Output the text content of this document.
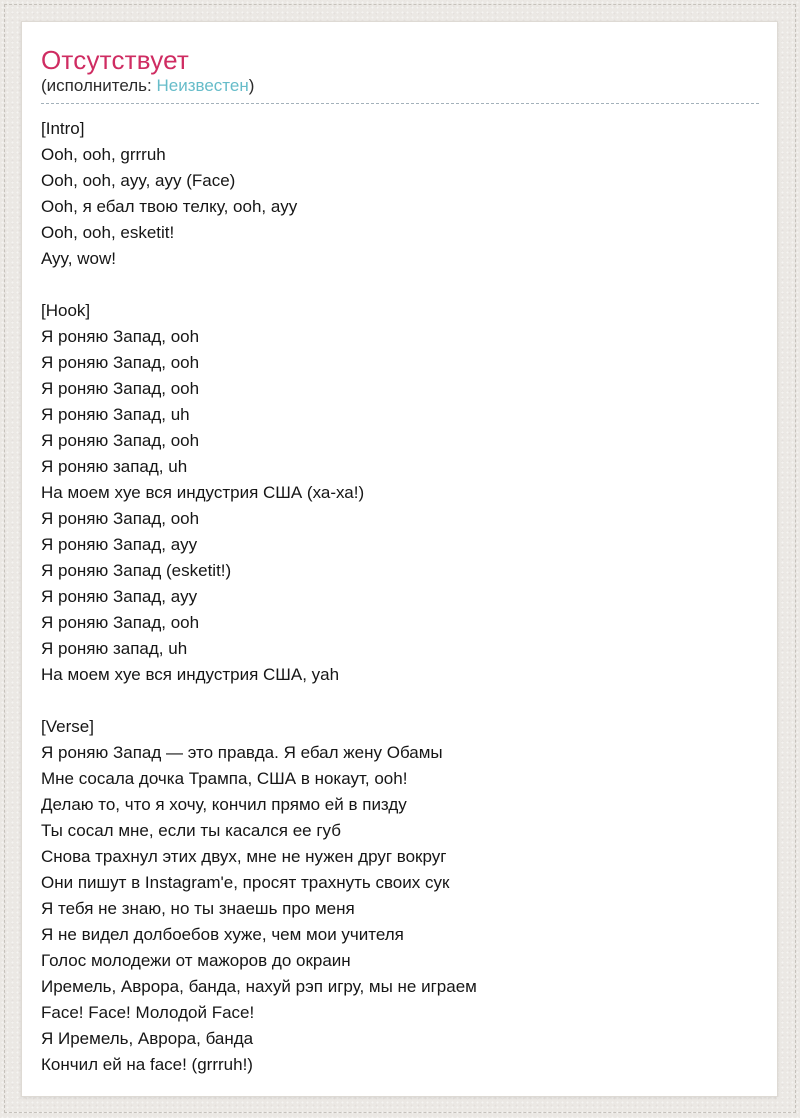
Отсутствует
(исполнитель: Неизвестен)
[Intro]
Ooh, ooh, grrruh
Ooh, ooh, ayy, ayy (Face)
Ooh, я ебал твою телку, ooh, ayy
Ooh, ooh, esketit!
Ayy, wow!

[Hook]
Я роняю Запад, ooh
Я роняю Запад, ooh
Я роняю Запад, ooh
Я роняю Запад, uh
Я роняю Запад, ooh
Я роняю запад, uh
На моем хуе вся индустрия США (ха-ха!)
Я роняю Запад, ooh
Я роняю Запад, ayy
Я роняю Запад (esketit!)
Я роняю Запад, ayy
Я роняю Запад, ooh
Я роняю запад, uh
На моем хуе вся индустрия США, yah

[Verse]
Я роняю Запад — это правда. Я ебал жену Обамы
Мне сосала дочка Трампа, США в нокаут, ooh!
Делаю то, что я хочу, кончил прямо ей в пизду
Ты сосал мне, если ты касался ее губ
Снова трахнул этих двух, мне не нужен друг вокруг
Они пишут в Instagram'е, просят трахнуть своих сук
Я тебя не знаю, но ты знаешь про меня
Я не видел долбоебов хуже, чем мои учителя
Голос молодежи от мажоров до окраин
Иремель, Аврора, банда, нахуй рэп игру, мы не играем
Face! Face! Молодой Face!
Я Иремель, Аврора, банда
Кончил ей на face! (grrruh!)
